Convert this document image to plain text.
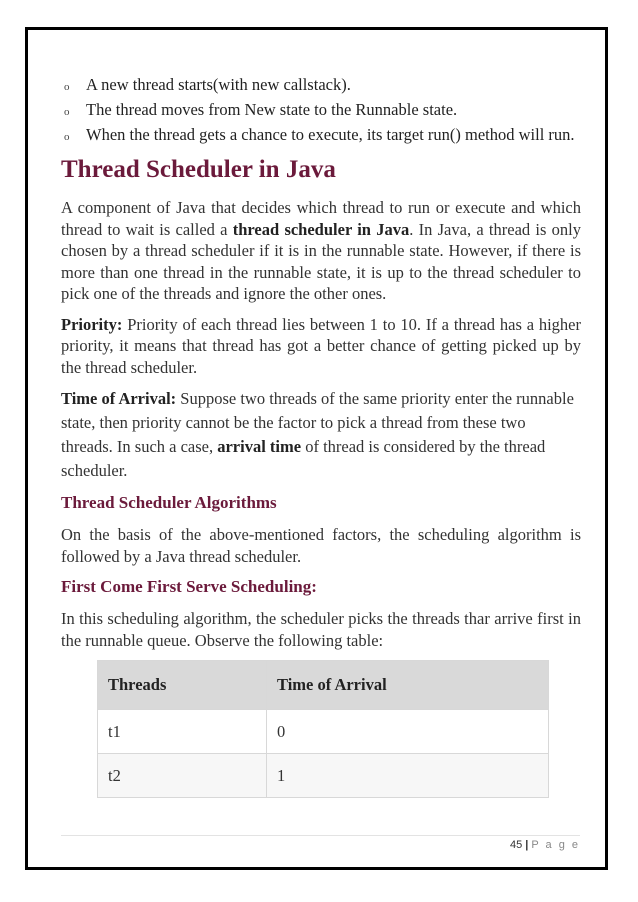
o A new thread starts(with new callstack).
o The thread moves from New state to the Runnable state.
o When the thread gets a chance to execute, its target run() method will run.
Thread Scheduler in Java

A component of Java that decides which thread to run or execute and which thread to wait is called a thread scheduler in Java. In Java, a thread is only chosen by a thread scheduler if it is in the runnable state. However, if there is more than one thread in the runnable state, it is up to the thread scheduler to pick one of the threads and ignore the other ones.

Priority: Priority of each thread lies between 1 to 10. If a thread has a higher priority, it means that thread has got a better chance of getting picked up by the thread scheduler.

Time of Arrival: Suppose two threads of the same priority enter the runnable state, then priority cannot be the factor to pick a thread from these two threads. In such a case, arrival time of thread is considered by the thread scheduler.

Thread Scheduler Algorithms

On the basis of the above-mentioned factors, the scheduling algorithm is followed by a Java thread scheduler.

First Come First Serve Scheduling:

In this scheduling algorithm, the scheduler picks the threads thar arrive first in the runnable queue. Observe the following table:

Threads	Time of Arrival
t1	0
t2	1
45 | P a g e
